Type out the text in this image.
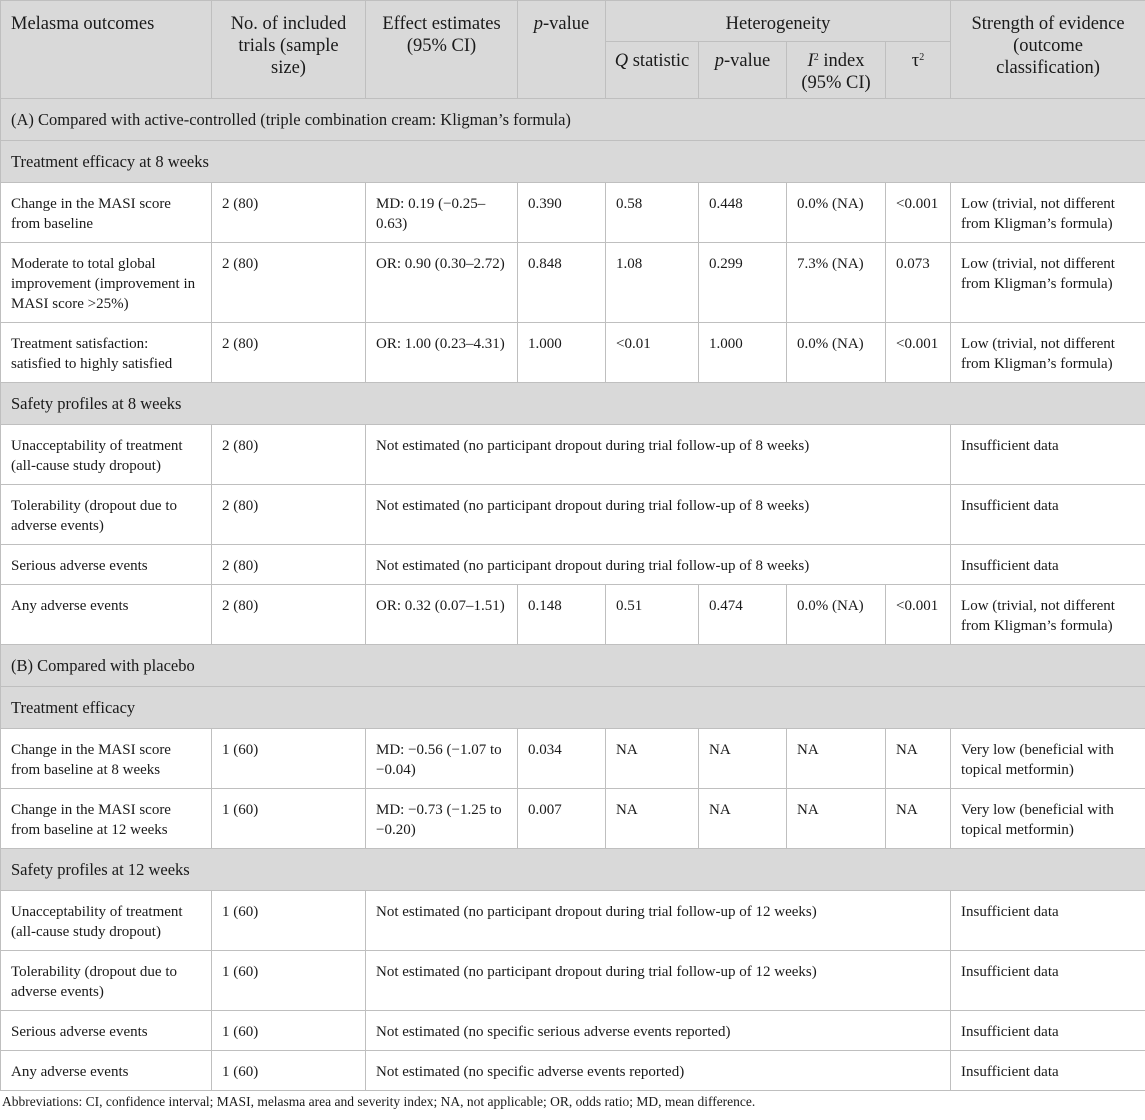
Melasma outcomes	No. of included trials (sample size)	Effect estimates (95% CI)	p-value	Heterogeneity				Strength of evidence (outcome classification)
				Q statistic	p-value	$I^2$ index (95% CI)	$\tau^2$
(A) Compared with active-controlled (triple combination cream: Kligman’s formula)								
Treatment efficacy at 8 weeks								
Change in the MASI score from baseline	2 (80)	MD: 0.19 (−0.25–0.63)	0.390	0.58	0.448	0.0% (NA)	<0.001	Low (trivial, not different from Kligman’s formula)
Moderate to total global improvement (improvement in MASI score >25%)	2 (80)	OR: 0.90 (0.30–2.72)	0.848	1.08	0.299	7.3% (NA)	0.073	Low (trivial, not different from Kligman’s formula)
Treatment satisfaction: satisfied to highly satisfied	2 (80)	OR: 1.00 (0.23–4.31)	1.000	<0.01	1.000	0.0% (NA)	<0.001	Low (trivial, not different from Kligman’s formula)
Safety profiles at 8 weeks								
Unacceptability of treatment (all-cause study dropout)	2 (80)	Not estimated (no participant dropout during trial follow-up of 8 weeks)						Insufficient data
Tolerability (dropout due to adverse events)	2 (80)	Not estimated (no participant dropout during trial follow-up of 8 weeks)						Insufficient data
Serious adverse events	2 (80)	Not estimated (no participant dropout during trial follow-up of 8 weeks)						Insufficient data
Any adverse events	2 (80)	OR: 0.32 (0.07–1.51)	0.148	0.51	0.474	0.0% (NA)	<0.001	Low (trivial, not different from Kligman’s formula)
(B) Compared with placebo								
Treatment efficacy								
Change in the MASI score from baseline at 8 weeks	1 (60)	MD: −0.56 (−1.07 to −0.04)	0.034	NA	NA	NA	NA	Very low (beneficial with topical metformin)
Change in the MASI score from baseline at 12 weeks	1 (60)	MD: −0.73 (−1.25 to −0.20)	0.007	NA	NA	NA	NA	Very low (beneficial with topical metformin)
Safety profiles at 12 weeks								
Unacceptability of treatment (all-cause study dropout)	1 (60)	Not estimated (no participant dropout during trial follow-up of 12 weeks)						Insufficient data
Tolerability (dropout due to adverse events)	1 (60)	Not estimated (no participant dropout during trial follow-up of 12 weeks)						Insufficient data
Serious adverse events	1 (60)	Not estimated (no specific serious adverse events reported)						Insufficient data
Any adverse events	1 (60)	Not estimated (no specific adverse events reported)						Insufficient data
Abbreviations: CI, confidence interval; MASI, melasma area and severity index; NA, not applicable; OR, odds ratio; MD, mean difference.
